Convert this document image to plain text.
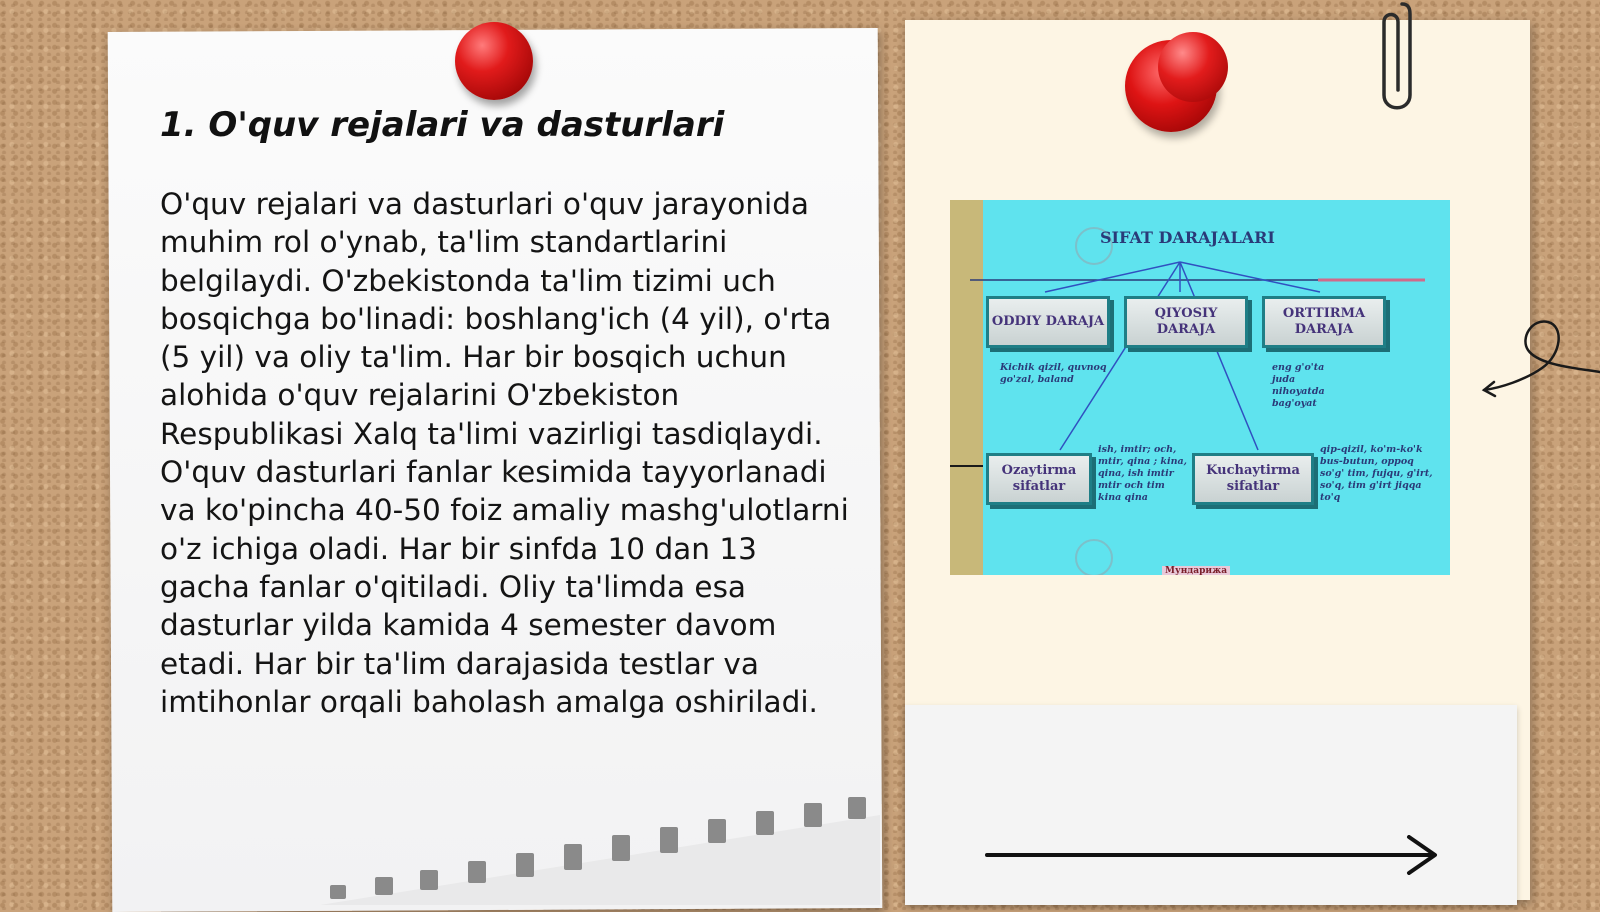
1. O'quv rejalari va dasturlari

O'quv rejalari va dasturlari o'quv jarayonida muhim rol o'ynab, ta'lim standartlarini belgilaydi. O'zbekistonda ta'lim tizimi uch bosqichga bo'linadi: boshlang'ich (4 yil), o'rta (5 yil) va oliy ta'lim. Har bir bosqich uchun alohida o'quv rejalarini O'zbekiston Respublikasi Xalq ta'limi vazirligi tasdiqlaydi. O'quv dasturlari fanlar kesimida tayyorlanadi va ko'pincha 40-50 foiz amaliy mashg'ulotlarni o'z ichiga oladi. Har bir sinfda 10 dan 13 gacha fanlar o'qitiladi. Oliy ta'limda esa dasturlar yilda kamida 4 semester davom etadi. Har bir ta'lim darajasida testlar va imtihonlar orqali baholash amalga oshiriladi.

SIFAT DARAJALARI
ODDIY DARAJA
QIYOSIY DARAJA
ORTTIRMA DARAJA
Ozaytirma sifatlar
Kuchaytirma sifatlar
Kichik qizil, quvnoq go'zal, baland
eng g'o'ta juda nihoyatda bag'oyat
ish, imtir; och, mtir, qina ; kina, qina, ish imtir mtir och tim kina qina
qip-qizil, ko'm-ko'k bus-butun, oppoq so'g' tim, fujqu, g'irt, so'q, tim g'irt jiqqa to'q
Мундарижа
